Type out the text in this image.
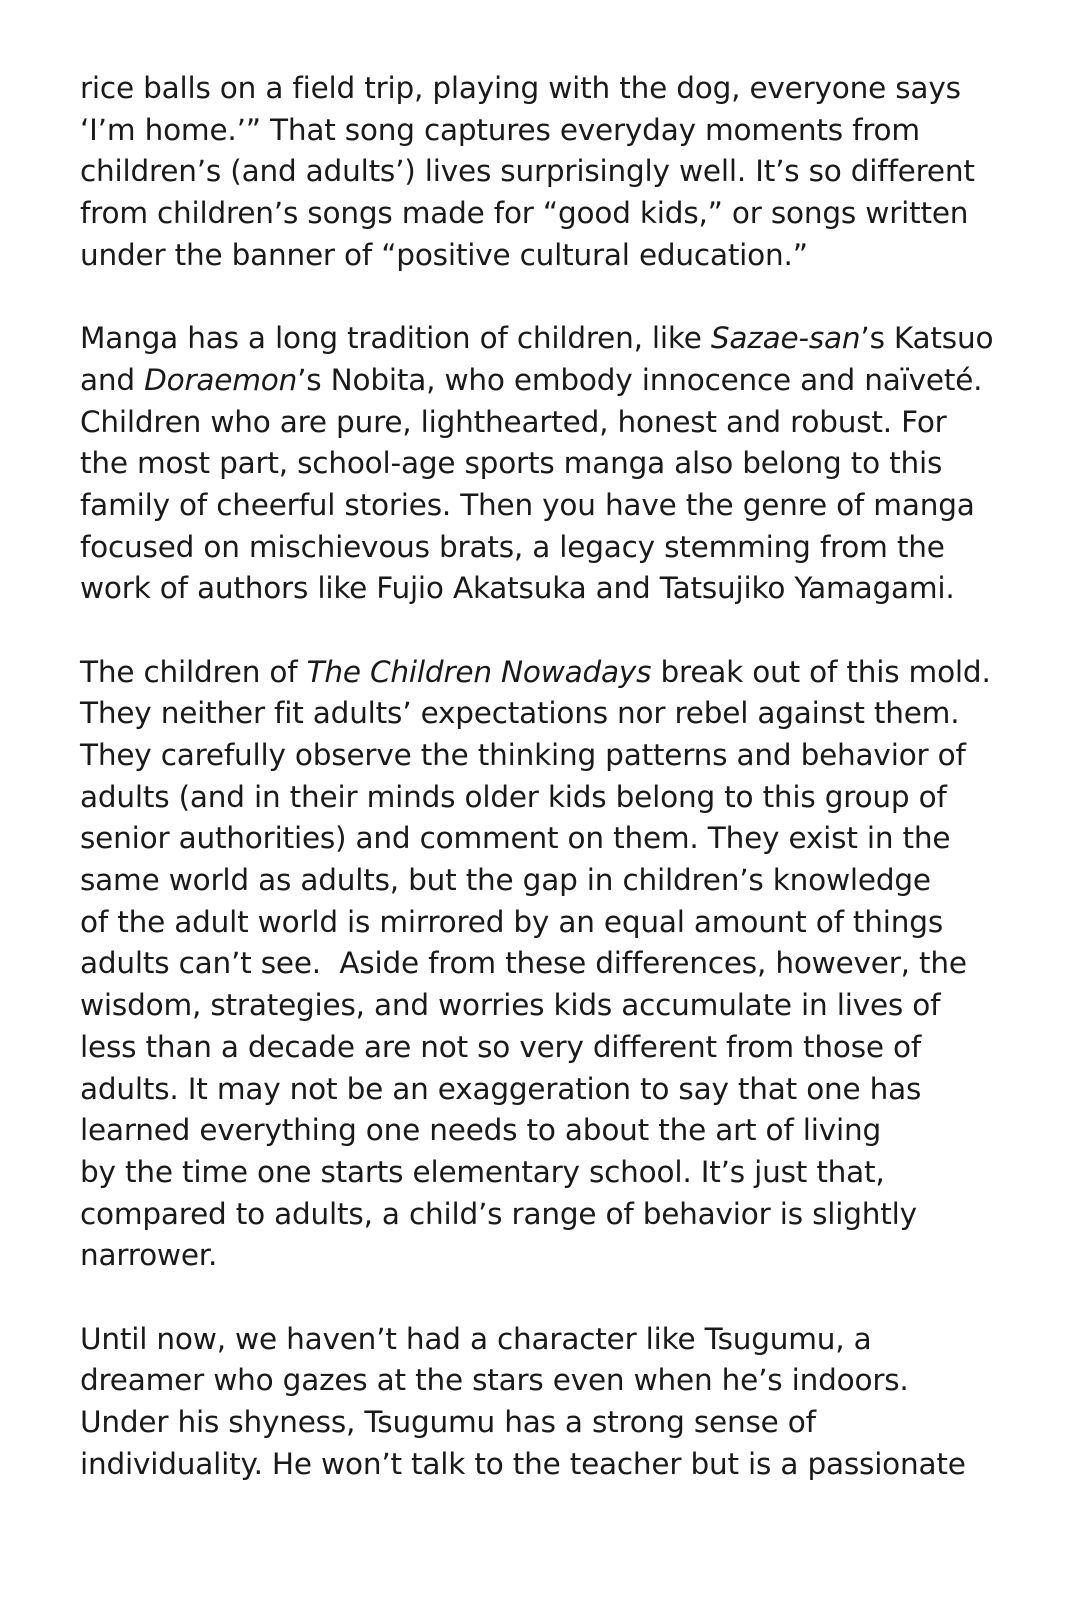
rice balls on a field trip, playing with the dog, everyone says
‘I’m home.’” That song captures everyday moments from
children’s (and adults’) lives surprisingly well. It’s so different
from children’s songs made for “good kids,” or songs written
under the banner of “positive cultural education.”
Manga has a long tradition of children, like Sazae-san’s Katsuo
and Doraemon’s Nobita, who embody innocence and naïveté.
Children who are pure, lighthearted, honest and robust. For
the most part, school-age sports manga also belong to this
family of cheerful stories. Then you have the genre of manga
focused on mischievous brats, a legacy stemming from the
work of authors like Fujio Akatsuka and Tatsujiko Yamagami.
The children of The Children Nowadays break out of this mold.
They neither fit adults’ expectations nor rebel against them.
They carefully observe the thinking patterns and behavior of
adults (and in their minds older kids belong to this group of
senior authorities) and comment on them. They exist in the
same world as adults, but the gap in children’s knowledge
of the adult world is mirrored by an equal amount of things
adults can’t see.  Aside from these differences, however, the
wisdom, strategies, and worries kids accumulate in lives of
less than a decade are not so very different from those of
adults. It may not be an exaggeration to say that one has
learned everything one needs to about the art of living
by the time one starts elementary school. It’s just that,
compared to adults, a child’s range of behavior is slightly
narrower.
Until now, we haven’t had a character like Tsugumu, a
dreamer who gazes at the stars even when he’s indoors.
Under his shyness, Tsugumu has a strong sense of
individuality. He won’t talk to the teacher but is a passionate
